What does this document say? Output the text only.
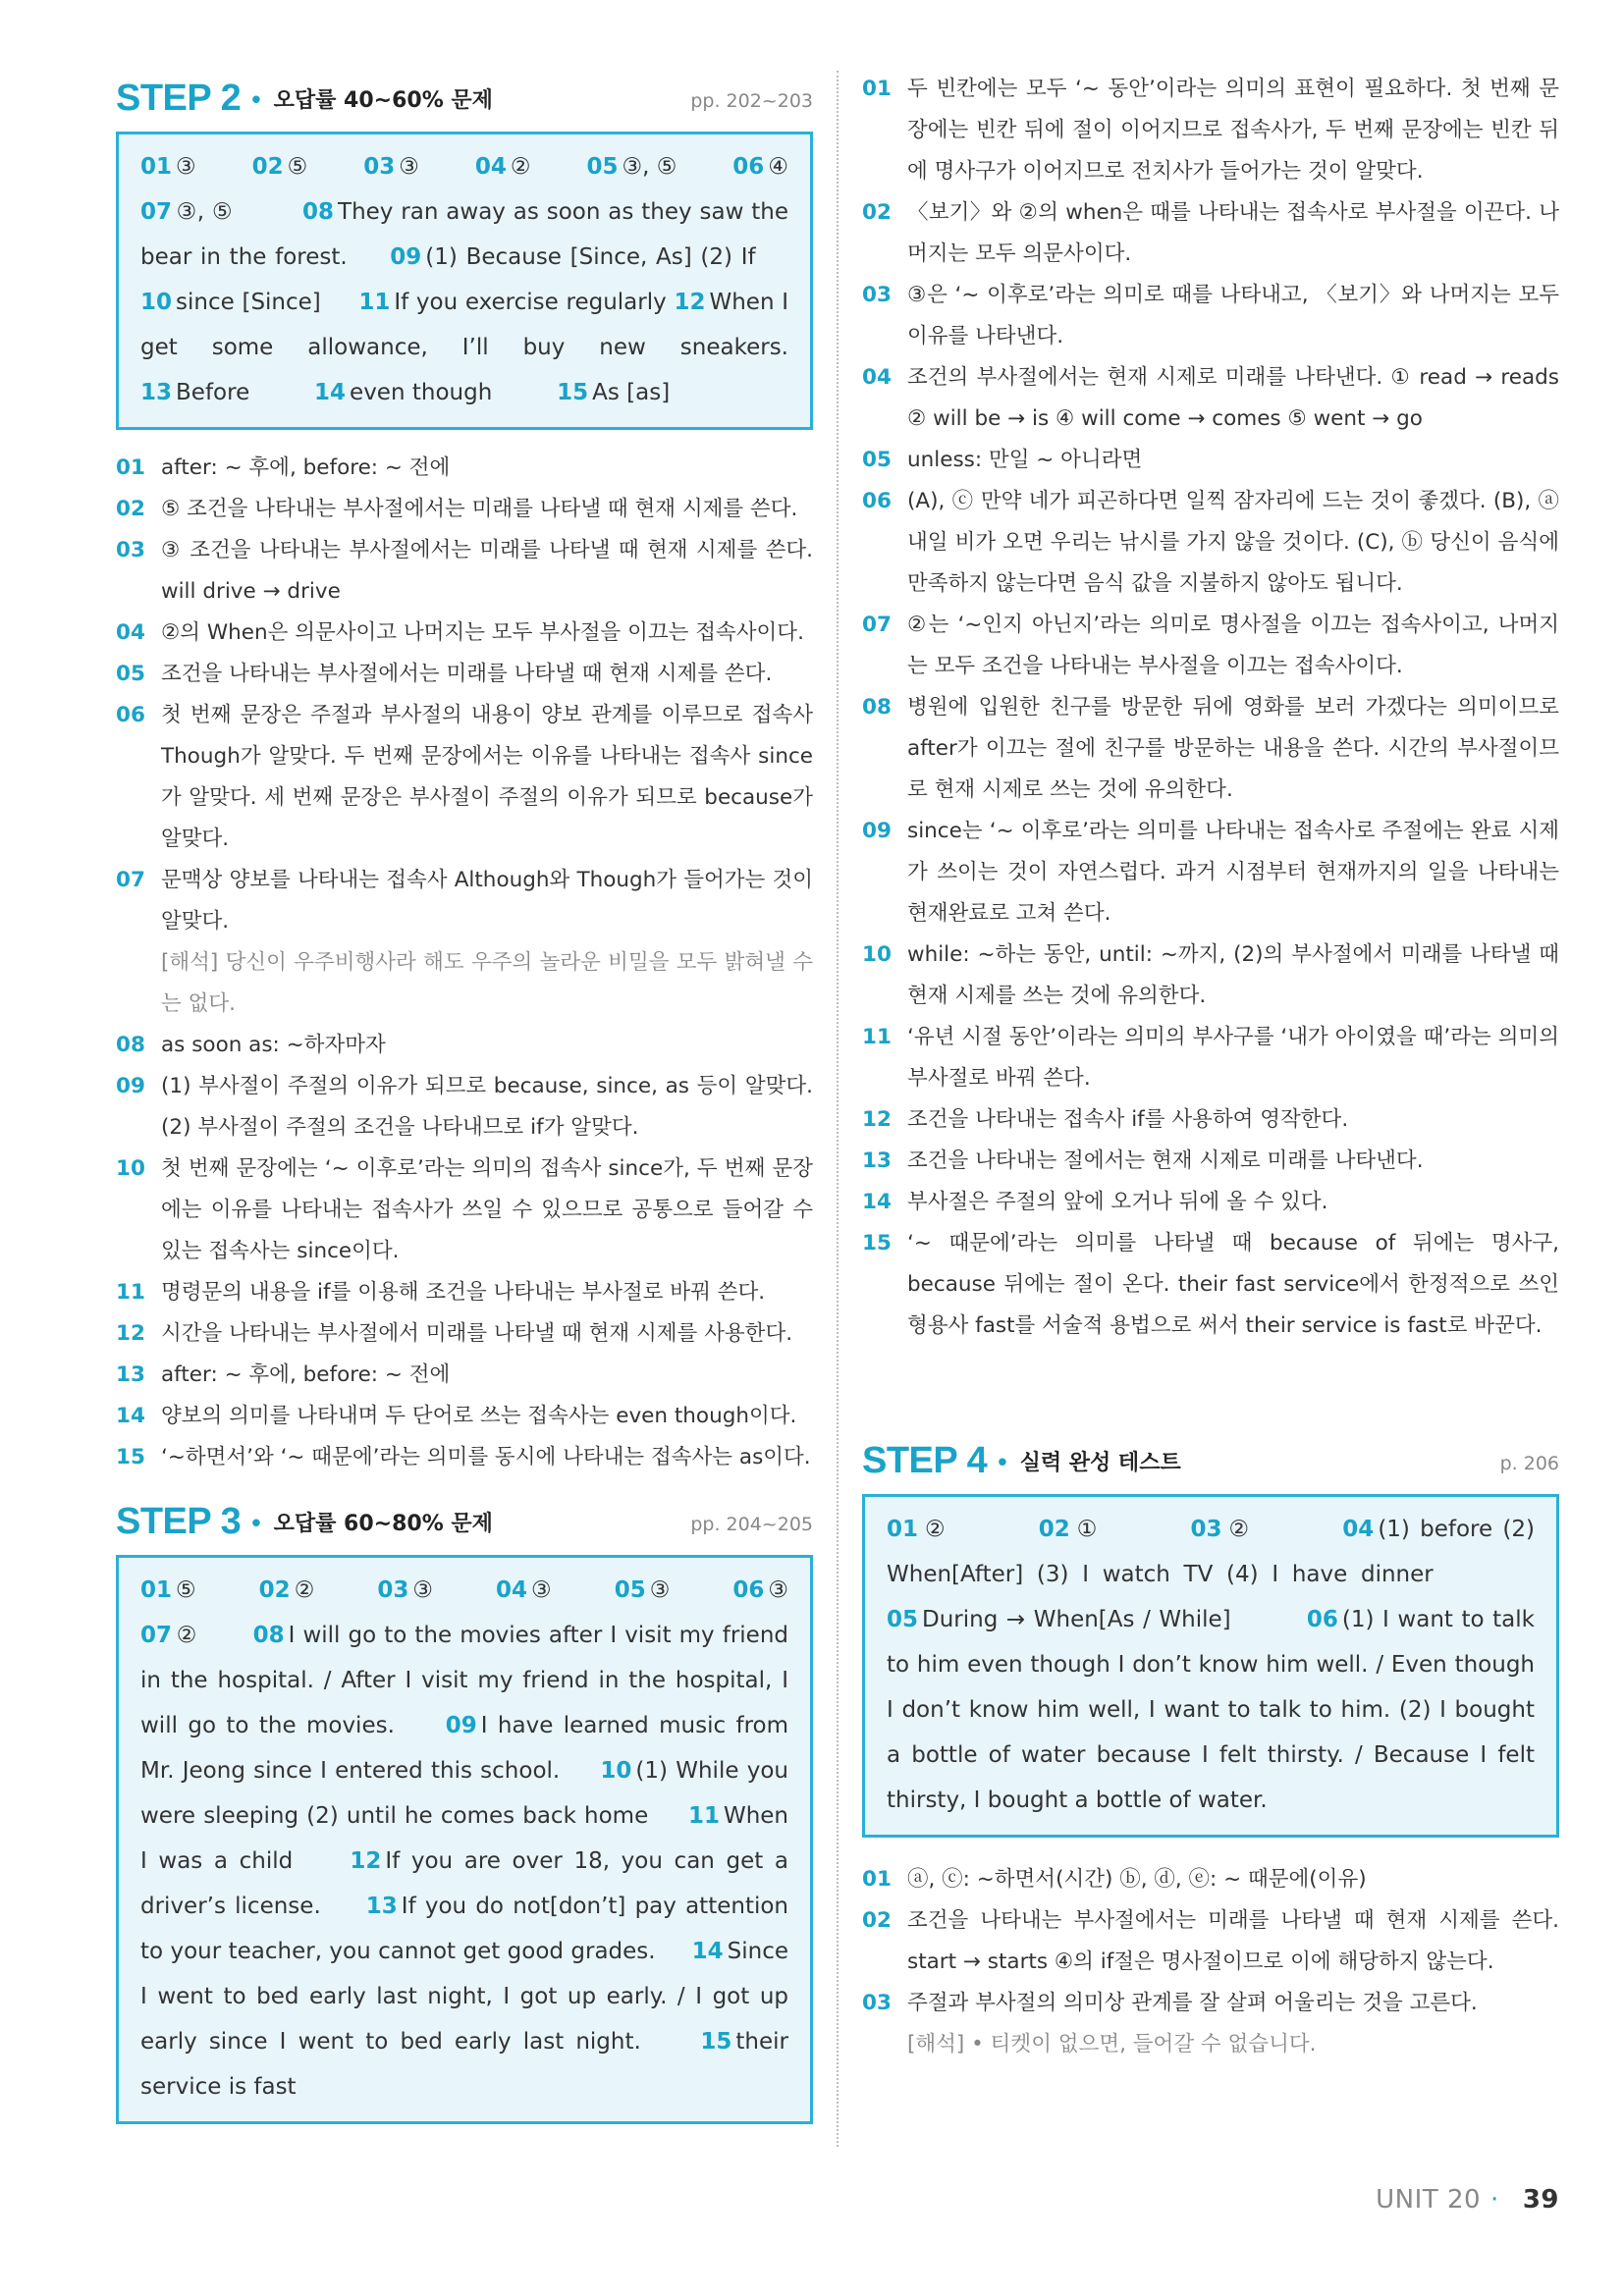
STEP 2 • 오답률 40~60% 문제	pp. 202~203
01 ③ 02 ⑤ 03 ③ 04 ② 05 ③, ⑤ 06 ④
07 ③, ⑤	08 They ran away as soon as they saw the bear in the forest. 09 (1) Because [Since, As] (2) If     10 since [Since] 11 If you exercise regularly 12 When I get some allowance, I’ll buy new sneakers. 13 Before	14 even though	15 As [as]
01 after: ~ 후에, before: ~ 전에
02 ⑤ 조건을 나타내는 부사절에서는 미래를 나타낼 때 현재 시제를 쓴다.
03 ③ 조건을 나타내는 부사절에서는 미래를 나타낼 때 현재 시제를 쓴다. will drive → drive
04 ②의 When은 의문사이고 나머지는 모두 부사절을 이끄는 접속사이다.
05 조건을 나타내는 부사절에서는 미래를 나타낼 때 현재 시제를 쓴다.
06 첫 번째 문장은 주절과 부사절의 내용이 양보 관계를 이루므로 접속사 Though가 알맞다. 두 번째 문장에서는 이유를 나타내는 접속사 since가 알맞다. 세 번째 문장은 부사절이 주절의 이유가 되므로 because가 알맞다.
07 문맥상 양보를 나타내는 접속사 Although와 Though가 들어가는 것이 알맞다.
[해석] 당신이 우주비행사라 해도 우주의 놀라운 비밀을 모두 밝혀낼 수는 없다.
08 as soon as: ~하자마자
09 (1) 부사절이 주절의 이유가 되므로 because, since, as 등이 알맞다. (2) 부사절이 주절의 조건을 나타내므로 if가 알맞다.
10 첫 번째 문장에는 ‘~ 이후로’라는 의미의 접속사 since가, 두 번째 문장에는 이유를 나타내는 접속사가 쓰일 수 있으므로 공통으로 들어갈 수 있는 접속사는 since이다.
11 명령문의 내용을 if를 이용해 조건을 나타내는 부사절로 바꿔 쓴다.
12 시간을 나타내는 부사절에서 미래를 나타낼 때 현재 시제를 사용한다.
13 after: ~ 후에, before: ~ 전에
14 양보의 의미를 나타내며 두 단어로 쓰는 접속사는 even though이다.
15 ‘~하면서’와 ‘~ 때문에’라는 의미를 동시에 나타내는 접속사는 as이다.
STEP 3 • 오답률 60~80% 문제	pp. 204~205
01 ⑤	02 ②	03 ③	04 ③	05 ③	06 ③
07 ② 08 I will go to the movies after I visit my friend in the hospital. / After I visit my friend in the hospital, I will go to the movies. 09 I have learned music from Mr. Jeong since I entered this school. 10 (1) While you were sleeping (2) until he comes back home 11 When I was a child	12 If you are over 18, you can get a driver’s license. 13 If you do not[don’t] pay attention to your teacher, you cannot get good grades. 14 Since I went to bed early last night, I got up early. / I got up early since I went to bed early last night.	15 their service is fast
01 두 빈칸에는 모두 ‘~ 동안’이라는 의미의 표현이 필요하다. 첫 번째 문장에는 빈칸 뒤에 절이 이어지므로 접속사가, 두 번째 문장에는 빈칸 뒤에 명사구가 이어지므로 전치사가 들어가는 것이 알맞다.
02 〈보기〉와 ②의 when은 때를 나타내는 접속사로 부사절을 이끈다. 나머지는 모두 의문사이다.
03 ③은 ‘~ 이후로’라는 의미로 때를 나타내고, 〈보기〉와 나머지는 모두 이유를 나타낸다.
04 조건의 부사절에서는 현재 시제로 미래를 나타낸다. ① read → reads ② will be → is ④ will come → comes ⑤ went → go
05 unless: 만일 ~ 아니라면
06 (A), ⓒ 만약 네가 피곤하다면 일찍 잠자리에 드는 것이 좋겠다. (B), ⓐ 내일 비가 오면 우리는 낚시를 가지 않을 것이다. (C), ⓑ 당신이 음식에 만족하지 않는다면 음식 값을 지불하지 않아도 됩니다.
07 ②는 ‘~인지 아닌지’라는 의미로 명사절을 이끄는 접속사이고, 나머지는 모두 조건을 나타내는 부사절을 이끄는 접속사이다.
08 병원에 입원한 친구를 방문한 뒤에 영화를 보러 가겠다는 의미이므로 after가 이끄는 절에 친구를 방문하는 내용을 쓴다. 시간의 부사절이므로 현재 시제로 쓰는 것에 유의한다.
09 since는 ‘~ 이후로’라는 의미를 나타내는 접속사로 주절에는 완료 시제가 쓰이는 것이 자연스럽다. 과거 시점부터 현재까지의 일을 나타내는 현재완료로 고쳐 쓴다.
10 while: ~하는 동안, until: ~까지, (2)의 부사절에서 미래를 나타낼 때 현재 시제를 쓰는 것에 유의한다.
11 ‘유년 시절 동안’이라는 의미의 부사구를 ‘내가 아이였을 때’라는 의미의 부사절로 바꿔 쓴다.
12 조건을 나타내는 접속사 if를 사용하여 영작한다.
13 조건을 나타내는 절에서는 현재 시제로 미래를 나타낸다.
14 부사절은 주절의 앞에 오거나 뒤에 올 수 있다.
15 ‘~ 때문에’라는 의미를 나타낼 때 because of 뒤에는 명사구, because 뒤에는 절이 온다. their fast service에서 한정적으로 쓰인 형용사 fast를 서술적 용법으로 써서 their service is fast로 바꾼다.
STEP 4 • 실력 완성 테스트	p. 206
01 ②	02 ①	03 ②	04 (1) before (2) When[After] (3) I watch TV (4) I have dinner         05 During → When[As / While]	06 (1) I want to talk to him even though I don’t know him well. / Even though I don’t know him well, I want to talk to him. (2) I bought a bottle of water because I felt thirsty. / Because I felt thirsty, I bought a bottle of water.
01 ⓐ, ⓒ: ~하면서(시간) ⓑ, ⓓ, ⓔ: ~ 때문에(이유)
02 조건을 나타내는 부사절에서는 미래를 나타낼 때 현재 시제를 쓴다. start → starts ④의 if절은 명사절이므로 이에 해당하지 않는다.
03 주절과 부사절의 의미상 관계를 잘 살펴 어울리는 것을 고른다.
[해석] • 티켓이 없으면, 들어갈 수 없습니다.
UNIT 20 · 39
